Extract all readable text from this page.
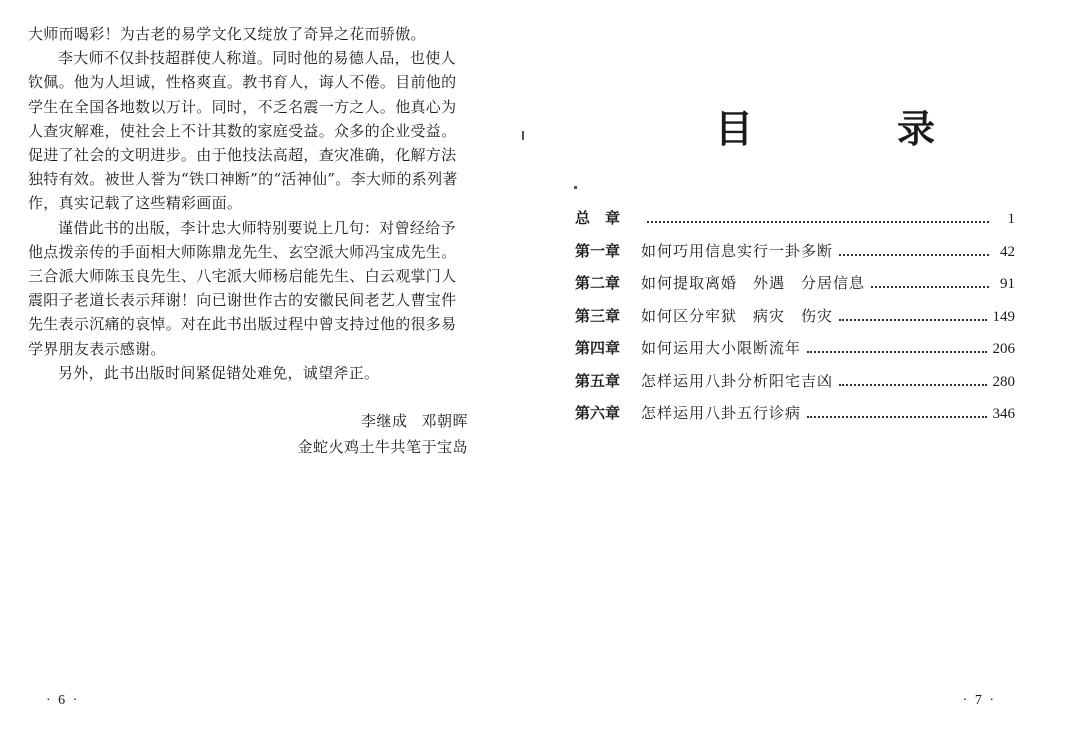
大师而喝彩！为古老的易学文化又绽放了奇异之花而骄傲。

李大师不仅卦技超群使人称道。同时他的易德人品，也使人钦佩。他为人坦诚，性格爽直。教书育人，诲人不倦。目前他的学生在全国各地数以万计。同时，不乏名震一方之人。他真心为人查灾解难，使社会上不计其数的家庭受益。众多的企业受益。促进了社会的文明进步。由于他技法高超，查灾准确，化解方法独特有效。被世人誉为“铁口神断”的“活神仙”。李大师的系列著作，真实记载了这些精彩画面。

谨借此书的出版，李计忠大师特别要说上几句：对曾经给予他点拨亲传的手面相大师陈鼎龙先生、玄空派大师冯宝成先生。三合派大师陈玉良先生、八宅派大师杨启能先生、白云观掌门人震阳子老道长表示拜谢！向已谢世作古的安徽民间老艺人曹宝件先生表示沉痛的哀悼。对在此书出版过程中曾支持过他的很多易学界朋友表示感谢。

另外，此书出版时间紧促错处难免，诚望斧正。

李继成 邓朝晖
金蛇火鸡土牛共笔于宝岛
· 6 ·
目	录
总章	1
第一章	如何巧用信息实行一卦多断	42
第二章	如何提取离婚　外遇　分居信息	91
第三章	如何区分牢狱　病灾　伤灾	149
第四章	如何运用大小限断流年	206
第五章	怎样运用八卦分析阳宅吉凶	280
第六章	怎样运用八卦五行诊病	346
· 7 ·
